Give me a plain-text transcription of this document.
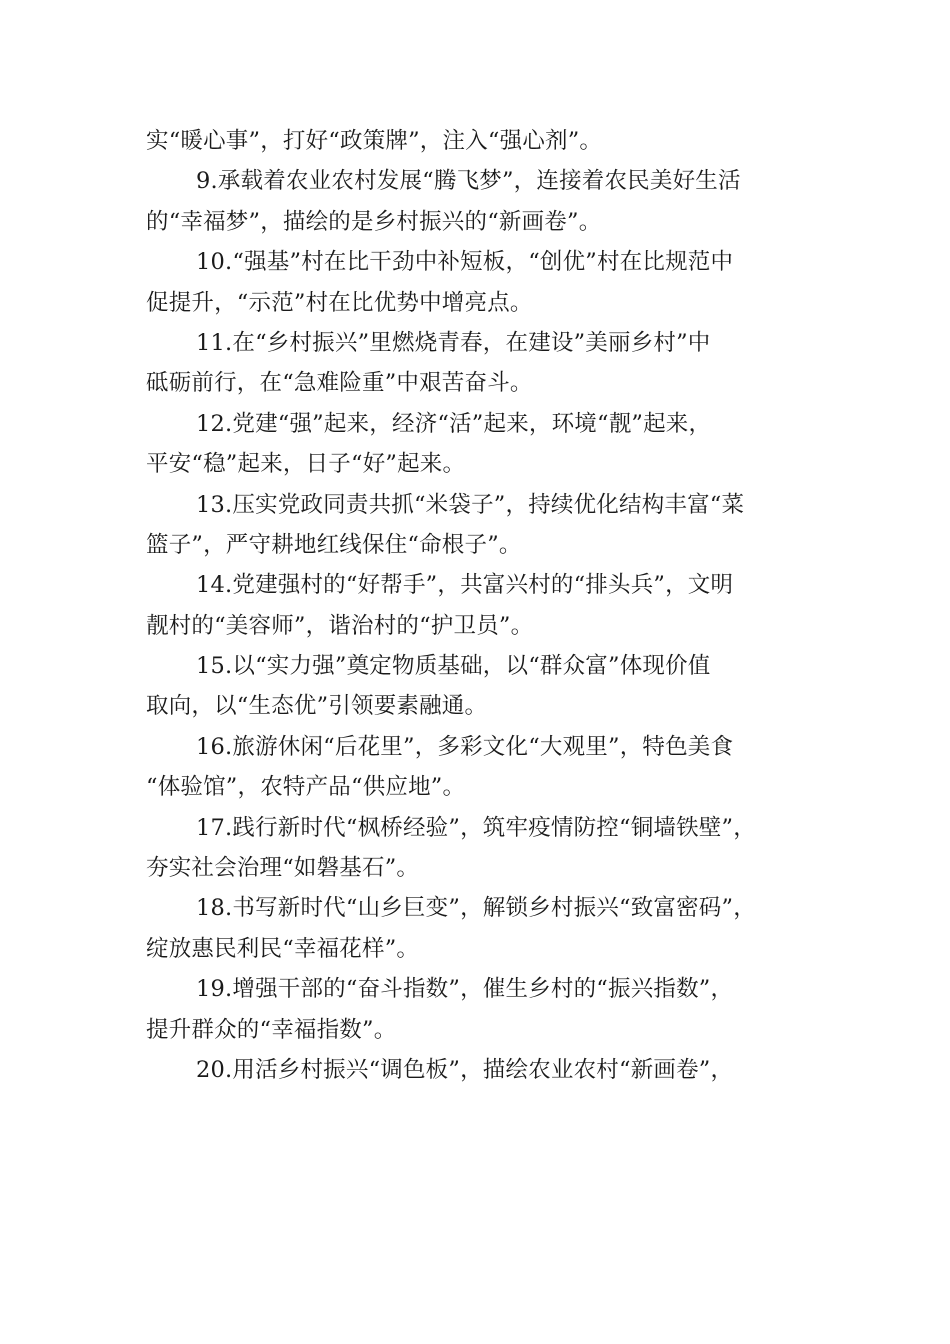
实“暖心事”，打好“政策牌”，注入“强心剂”。
9.承载着农业农村发展“腾飞梦”，连接着农民美好生活
的“幸福梦”，描绘的是乡村振兴的“新画卷”。
10.“强基”村在比干劲中补短板，“创优”村在比规范中
促提升，“示范”村在比优势中增亮点。
11.在“乡村振兴”里燃烧青春，在建设”美丽乡村”中
砥砺前行，在“急难险重”中艰苦奋斗。
12.党建“强”起来，经济“活”起来，环境“靓”起来，
平安“稳”起来，日子“好”起来。
13.压实党政同责共抓“米袋子”，持续优化结构丰富“菜
篮子”，严守耕地红线保住“命根子”。
14.党建强村的“好帮手”，共富兴村的“排头兵”，文明
靓村的“美容师”，谐治村的“护卫员”。
15.以“实力强”奠定物质基础，以“群众富”体现价值
取向，以“生态优”引领要素融通。
16.旅游休闲“后花⾥”，多彩文化“大观⾥”，特色美食
“体验馆”，农特产品“供应地”。
17.践行新时代“枫桥经验”，筑牢疫情防控“铜墙铁壁”，
夯实社会治理“如磐基石”。
18.书写新时代“山乡巨变”，解锁乡村振兴“致富密码”，
绽放惠民利民“幸福花样”。
19.增强干部的“奋斗指数”，催生乡村的“振兴指数”，
提升群众的“幸福指数”。
20.用活乡村振兴“调色板”，描绘农业农村“新画卷”，
